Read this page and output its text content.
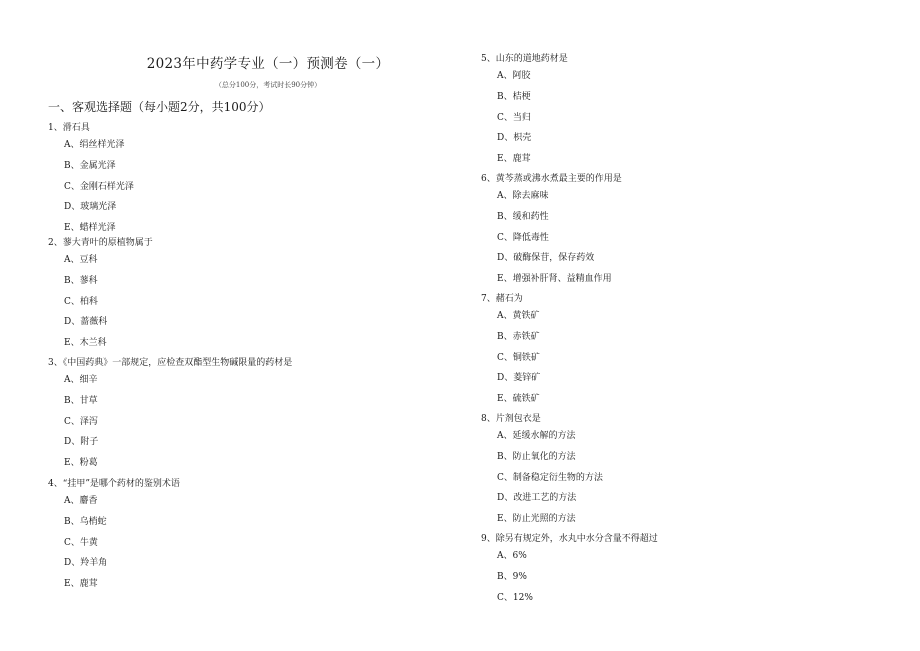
2023年中药学专业（一）预测卷（一）
（总分100分，考试时长90分钟）
一、客观选择题（每小题2分，共100分）
1、滑石具
A、绢丝样光泽
B、金属光泽
C、金刚石样光泽
D、玻璃光泽
E、蜡样光泽
2、蓼大青叶的原植物属于
A、豆科
B、蓼科
C、柏科
D、蔷薇科
E、木兰科
3、《中国药典》一部规定，应检查双酯型生物碱限量的药材是
A、细辛
B、甘草
C、泽泻
D、附子
E、粉葛
4、“挂甲”是哪个药材的鉴别术语
A、麝香
B、乌梢蛇
C、牛黄
D、羚羊角
E、鹿茸
5、山东的道地药材是
A、阿胶
B、桔梗
C、当归
D、枳壳
E、鹿茸
6、黄芩蒸或沸水煮最主要的作用是
A、除去麻味
B、缓和药性
C、降低毒性
D、破酶保苷，保存药效
E、增强补肝肾、益精血作用
7、赭石为
A、黄铁矿
B、赤铁矿
C、铜铁矿
D、菱锌矿
E、硫铁矿
8、片剂包衣是
A、延缓水解的方法
B、防止氧化的方法
C、制备稳定衍生物的方法
D、改进工艺的方法
E、防止光照的方法
9、除另有规定外，水丸中水分含量不得超过
A、6%
B、9%
C、12%
